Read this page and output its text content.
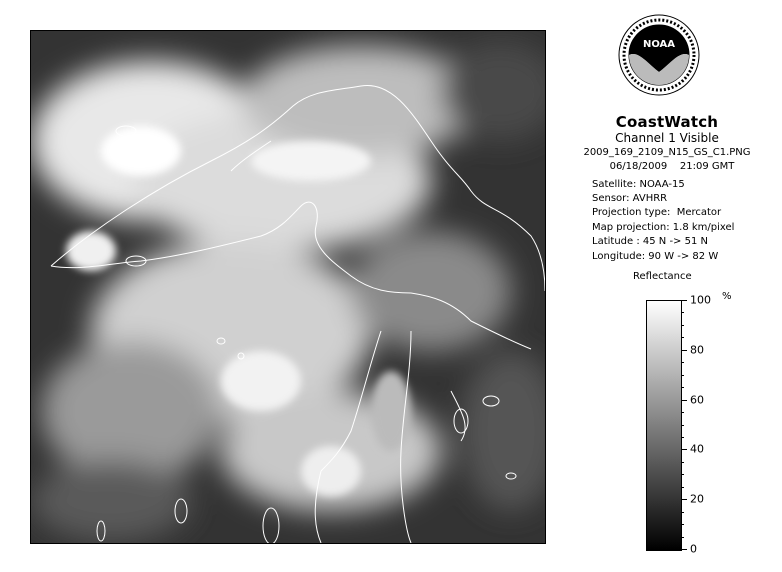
NOAA
CoastWatch
Channel 1 Visible
2009_169_2109_N15_GS_C1.PNG
06/18/2009    21:09 GMT
Satellite: NOAA-15
Sensor: AVHRR
Projection type:  Mercator
Map projection: 1.8 km/pixel
Latitude : 45 N -> 51 N
Longitude: 90 W -> 82 W
Reflectance
%
100
80
60
40
20
0
